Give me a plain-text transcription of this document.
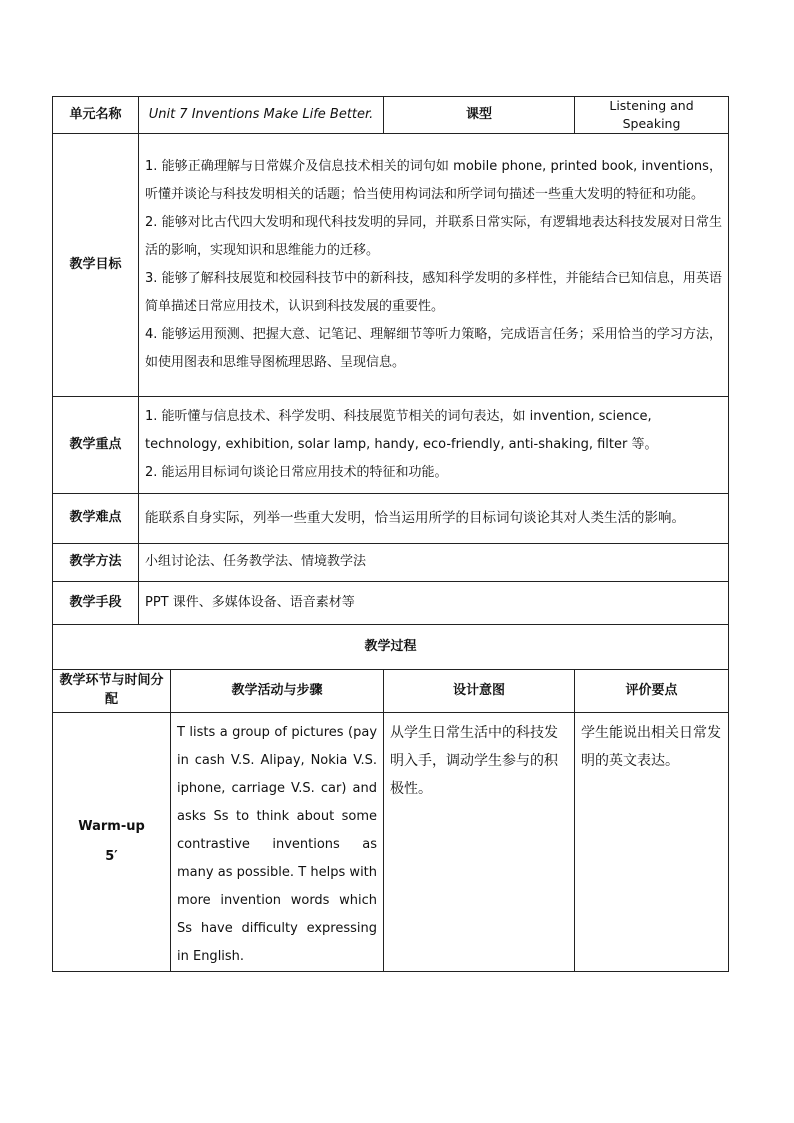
单元名称	Unit 7 Inventions Make Life Better.		课型	Listening and Speaking
教学目标	1. 能够正确理解与日常媒介及信息技术相关的词句如 mobile phone, printed book, inventions，听懂并谈论与科技发明相关的话题；恰当使用构词法和所学词句描述一些重大发明的特征和功能。

2. 能够对比古代四大发明和现代科技发明的异同，并联系日常实际，有逻辑地表达科技发展对日常生活的影响，实现知识和思维能力的迁移。

3. 能够了解科技展览和校园科技节中的新科技，感知科学发明的多样性，并能结合已知信息，用英语简单描述日常应用技术，认识到科技发展的重要性。

4. 能够运用预测、把握大意、记笔记、理解细节等听力策略，完成语言任务；采用恰当的学习方法，如使用图表和思维导图梳理思路、呈现信息。			

教学重点	1. 能听懂与信息技术、科学发明、科技展览节相关的词句表达，如 invention, science, technology, exhibition, solar lamp, handy, eco-friendly, anti-shaking, filter 等。

2. 能运用目标词句谈论日常应用技术的特征和功能。			

教学难点	能联系自身实际，列举一些重大发明，恰当运用所学的目标词句谈论其对人类生活的影响。			
教学方法	小组讨论法、任务教学法、情境教学法			
教学手段	PPT 课件、多媒体设备、语音素材等			
教学过程				
教学环节与时间分配		教学活动与步骤	设计意图	评价要点

Warm-up
5′		T lists a group of pictures (pay in cash V.S. Alipay, Nokia V.S. iphone, carriage V.S. car) and asks Ss to think about some contrastive inventions as many as possible. T helps with more invention words which Ss have difficulty expressing in English.	从学生日常生活中的科技发明入手，调动学生参与的积极性。	学生能说出相关日常发明的英文表达。
